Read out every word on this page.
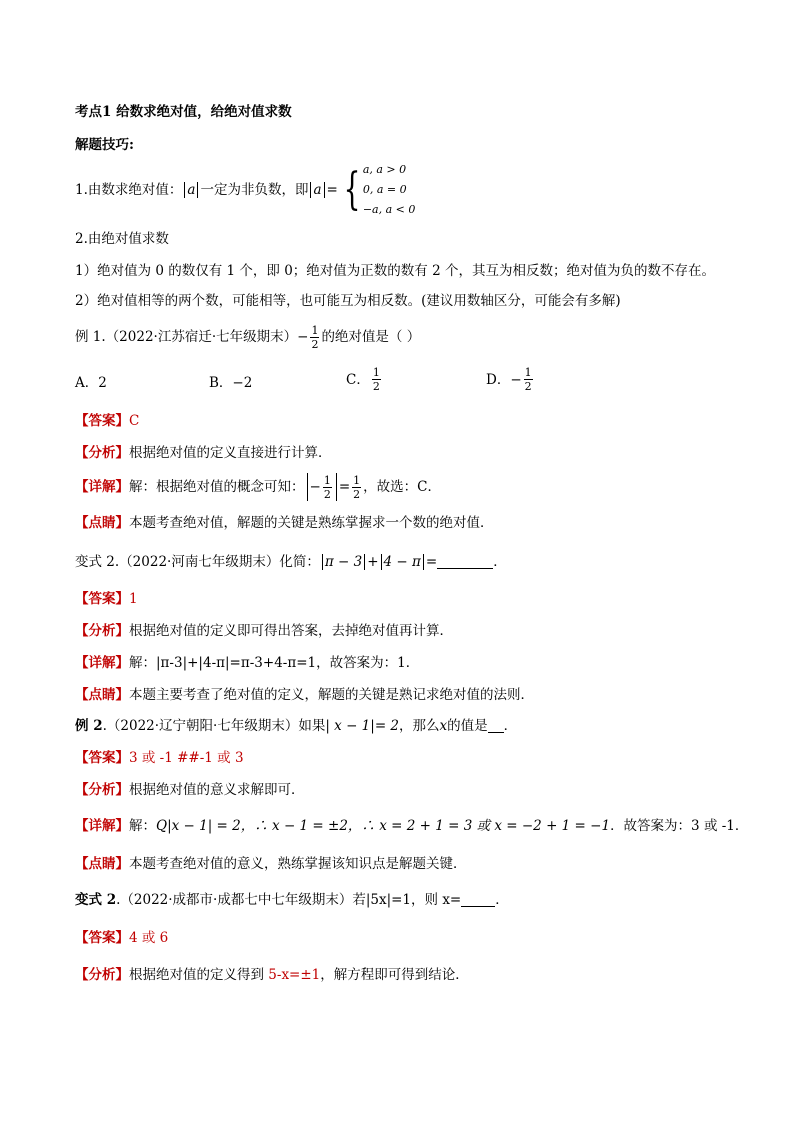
考点1 给数求绝对值，给绝对值求数
解题技巧:
1.由数求绝对值： a 一定为非负数，即 a = { a, a > 0
0, a = 0
−a, a < 0
2.由绝对值求数
1）绝对值为 0 的数仅有 1 个，即 0；绝对值为正数的数有 2 个，其互为相反数；绝对值为负的数不存在。
2）绝对值相等的两个数，可能相等，也可能互为相反数。(建议用数轴区分，可能会有多解)
例 1 .（2022·江苏宿迁·七年级期末） − $\frac{1}{2}$ 的绝对值是（ ）
A．2	B．−2	C． $\frac{1}{2}$	D．− $\frac{1}{2}$
【答案】C
【分析】根据绝对值的定义直接进行计算．
【详解】 解：根据绝对值的概念可知： − $\frac{1}{2} = \frac{1}{2}$ ，故选：C．
【点睛】本题考查绝对值，解题的关键是熟练掌握求一个数的绝对值．
变式 2 .（2022·河南七年级期末）化简： π − 3 + 4 − π =	．
【答案】1
【分析】根据绝对值的定义即可得出答案，去掉绝对值再计算．
【详解】解：|π-3|+|4-π|=π-3+4-π=1，故答案为：1．
【点睛】本题主要考查了绝对值的定义，解题的关键是熟记求绝对值的法则．
例 2 .（2022·辽宁朝阳·七年级期末）如果 | x − 1|= 2 ，那么 x 的值是 ．
【答案】3 或 -1 ##-1 或 3
【分析】根据绝对值的意义求解即可．
【详解】解：Q|x − 1| = 2，∴ x − 1 = ±2，∴ x = 2 + 1 = 3 或 x = −2 + 1 = −1．故答案为：3 或 -1．
【点睛】本题考查绝对值的意义，熟练掌握该知识点是解题关键．
变式 2 .（2022·成都市·成都七中七年级期末）若|5x|=1，则 x=	．
【答案】4 或 6
【分析】根据绝对值的定义得到 5-x=±1，解方程即可得到结论．
